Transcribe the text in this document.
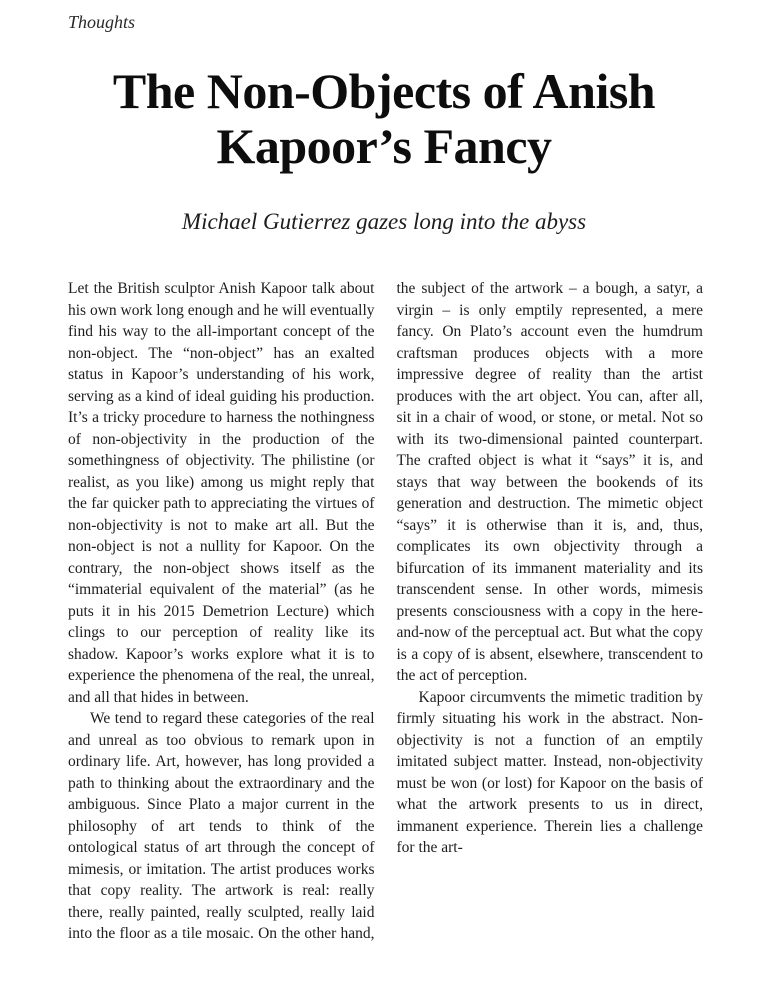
Thoughts
The Non-Objects of Anish
Kapoor’s Fancy
Michael Gutierrez gazes long into the abyss

Let the British sculptor Anish Kapoor talk about his own work long enough and he will eventually find his way to the all-important concept of the non-object. The “non-object” has an exalted status in Kapoor’s understanding of his work, serving as a kind of ideal guiding his production. It’s a tricky procedure to harness the nothingness of non-objectivity in the production of the somethingness of objectivity. The philistine (or realist, as you like) among us might reply that the far quicker path to appreciating the virtues of non-objectivity is not to make art all. But the non-object is not a nullity for Kapoor. On the contrary, the non-object shows itself as the “immaterial equivalent of the material” (as he puts it in his 2015 Demetrion Lecture) which clings to our perception of reality like its shadow. Kapoor’s works explore what it is to experience the phenomena of the real, the unreal, and all that hides in between.

We tend to regard these categories of the real and unreal as too obvious to remark upon in ordinary life. Art, however, has long provided a path to thinking about the extraordinary and the ambiguous. Since Plato a major current in the philosophy of art tends to think of the ontological status of art through the concept of mimesis, or imitation. The artist produces works that copy reality. The artwork is real: really there, really painted, really sculpted, really laid into the floor as a tile mosaic. On the other hand, the subject of the artwork – a bough, a satyr, a virgin – is only emptily represented, a mere fancy. On Plato’s account even the humdrum craftsman produces objects with a more impressive degree of reality than the artist produces with the art object. You can, after all, sit in a chair of wood, or stone, or metal. Not so with its two-dimensional painted counterpart. The crafted object is what it “says” it is, and stays that way between the bookends of its generation and destruction. The mimetic object “says” it is otherwise than it is, and, thus, complicates its own objectivity through a bifurcation of its immanent materiality and its transcendent sense. In other words, mimesis presents consciousness with a copy in the here-and-now of the perceptual act. But what the copy is a copy of is absent, elsewhere, transcendent to the act of perception.

Kapoor circumvents the mimetic tradition by firmly situating his work in the abstract. Non-objectivity is not a function of an emptily imitated subject matter. Instead, non-objectivity must be won (or lost) for Kapoor on the basis of what the artwork presents to us in direct, immanent experience. Therein lies a challenge for the art-
